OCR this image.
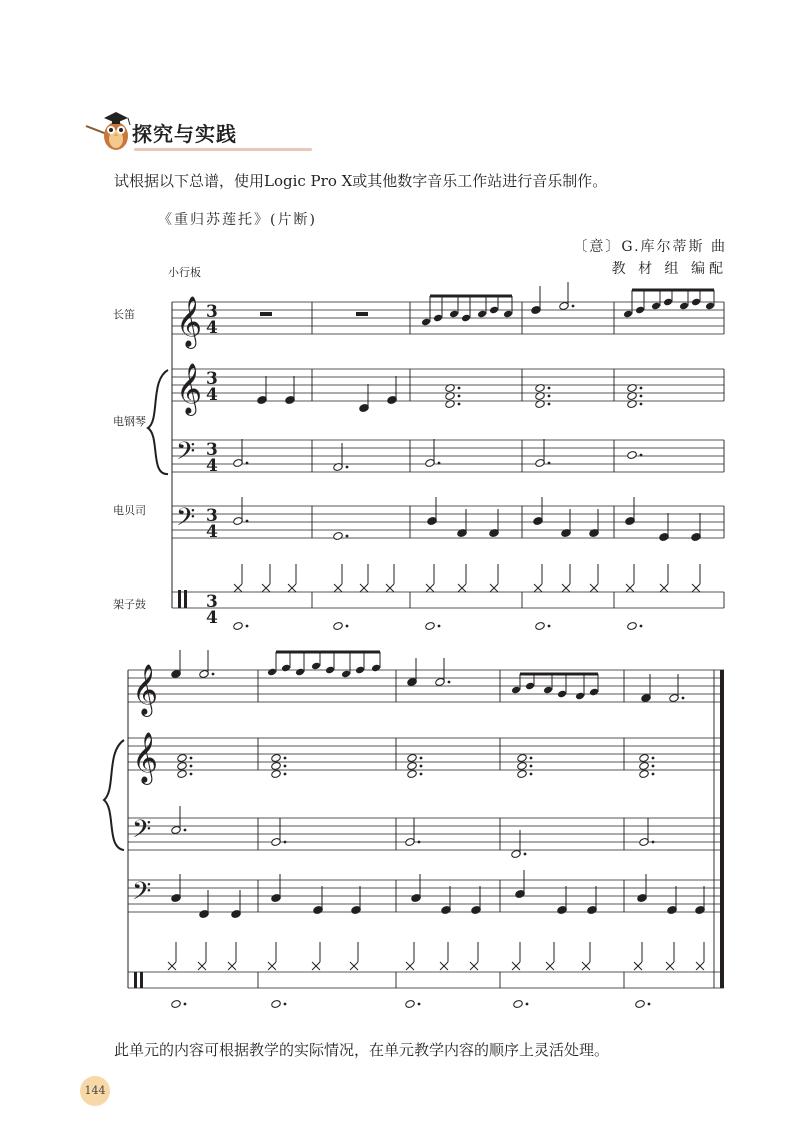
探究与实践
试根据以下总谱，使用Logic Pro X或其他数字音乐工作站进行音乐制作。
《重归苏莲托》(片断)
〔意〕G.库尔蒂斯 曲
教 材 组 编配
小行板
长笛
电钢琴
电贝司
架子鼓
𝄞
𝄞
𝄢
𝄢
3
4
3
4
3
4
3
4
3
4
𝄞
𝄞
𝄢
𝄢
此单元的内容可根据教学的实际情况，在单元教学内容的顺序上灵活处理。
144
